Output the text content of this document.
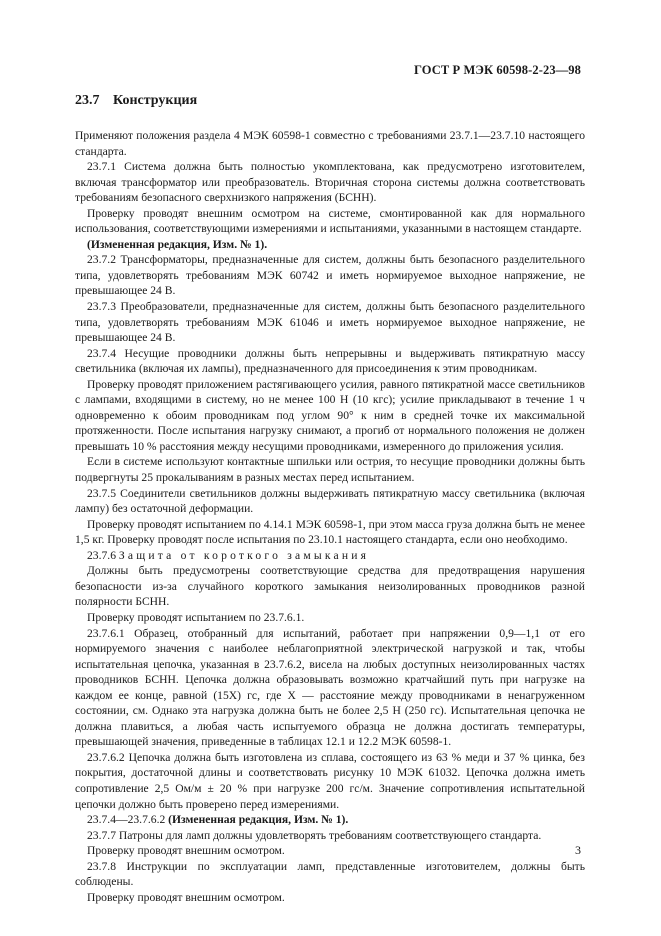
ГОСТ Р МЭК 60598-2-23—98
23.7 Конструкция

Применяют положения раздела 4 МЭК 60598-1 совместно с требованиями 23.7.1—23.7.10 настоящего стандарта.

23.7.1 Система должна быть полностью укомплектована, как предусмотрено изготовителем, включая трансформатор или преобразователь. Вторичная сторона системы должна соответствовать требованиям безопасного сверхнизкого напряжения (БСНН).

Проверку проводят внешним осмотром на системе, смонтированной как для нормального использования, соответствующими измерениями и испытаниями, указанными в настоящем стандарте.

(Измененная редакция, Изм. № 1).

23.7.2 Трансформаторы, предназначенные для систем, должны быть безопасного разделительного типа, удовлетворять требованиям МЭК 60742 и иметь нормируемое выходное напряжение, не превышающее 24 В.

23.7.3 Преобразователи, предназначенные для систем, должны быть безопасного разделительного типа, удовлетворять требованиям МЭК 61046 и иметь нормируемое выходное напряжение, не превышающее 24 В.

23.7.4 Несущие проводники должны быть непрерывны и выдерживать пятикратную массу светильника (включая их лампы), предназначенного для присоединения к этим проводникам.

Проверку проводят приложением растягивающего усилия, равного пятикратной массе светильников с лампами, входящими в систему, но не менее 100 Н (10 кгс); усилие прикладывают в течение 1 ч одновременно к обоим проводникам под углом 90° к ним в средней точке их максимальной протяженности. После испытания нагрузку снимают, а прогиб от нормального положения не должен превышать 10 % расстояния между несущими проводниками, измеренного до приложения усилия.

Если в системе используют контактные шпильки или острия, то несущие проводники должны быть подвергнуты 25 прокалываниям в разных местах перед испытанием.

23.7.5 Соединители светильников должны выдерживать пятикратную массу светильника (включая лампу) без остаточной деформации.

Проверку проводят испытанием по 4.14.1 МЭК 60598-1, при этом масса груза должна быть не менее 1,5 кг. Проверку проводят после испытания по 23.10.1 настоящего стандарта, если оно необходимо.

23.7.6 Защита от короткого замыкания

Должны быть предусмотрены соответствующие средства для предотвращения нарушения безопасности из-за случайного короткого замыкания неизолированных проводников разной полярности БСНН.

Проверку проводят испытанием по 23.7.6.1.

23.7.6.1 Образец, отобранный для испытаний, работает при напряжении 0,9—1,1 от его нормируемого значения с наиболее неблагоприятной электрической нагрузкой и так, чтобы испытательная цепочка, указанная в 23.7.6.2, висела на любых доступных неизолированных частях проводников БСНН. Цепочка должна образовывать возможно кратчайший путь при нагрузке на каждом ее конце, равной (15X) гс, где X — расстояние между проводниками в ненагруженном состоянии, см. Однако эта нагрузка должна быть не более 2,5 Н (250 гс). Испытательная цепочка не должна плавиться, а любая часть испытуемого образца не должна достигать температуры, превышающей значения, приведенные в таблицах 12.1 и 12.2 МЭК 60598-1.

23.7.6.2 Цепочка должна быть изготовлена из сплава, состоящего из 63 % меди и 37 % цинка, без покрытия, достаточной длины и соответствовать рисунку 10 МЭК 61032. Цепочка должна иметь сопротивление 2,5 Ом/м ± 20 % при нагрузке 200 гс/м. Значение сопротивления испытательной цепочки должно быть проверено перед измерениями.

23.7.4—23.7.6.2 (Измененная редакция, Изм. № 1).

23.7.7 Патроны для ламп должны удовлетворять требованиям соответствующего стандарта.

Проверку проводят внешним осмотром.

23.7.8 Инструкции по эксплуатации ламп, представленные изготовителем, должны быть соблюдены.

Проверку проводят внешним осмотром.

3
